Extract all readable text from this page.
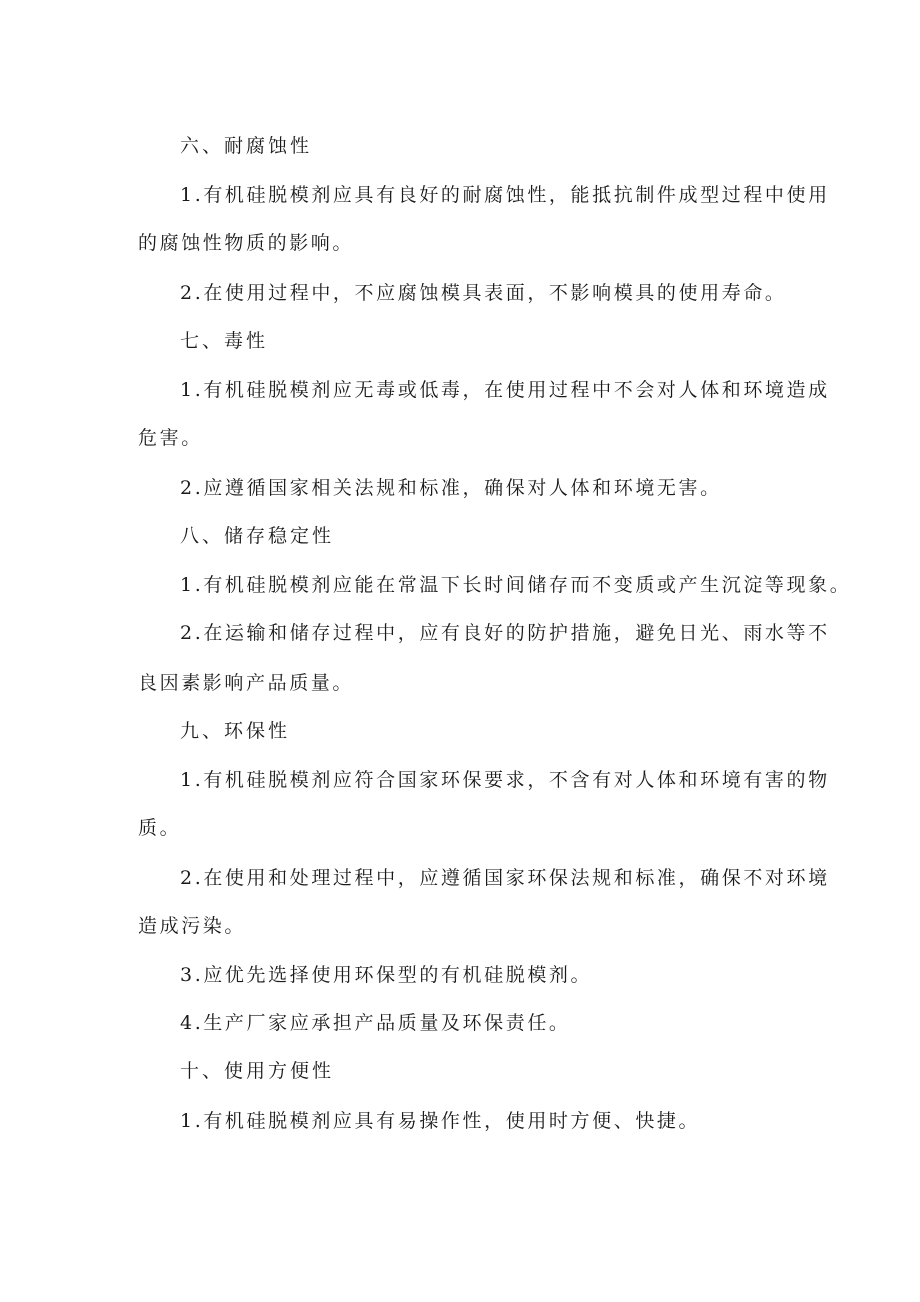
六、耐腐蚀性
1.有机硅脱模剂应具有良好的耐腐蚀性，能抵抗制件成型过程中使用
的腐蚀性物质的影响。
2.在使用过程中，不应腐蚀模具表面，不影响模具的使用寿命。
七、毒性
1.有机硅脱模剂应无毒或低毒，在使用过程中不会对人体和环境造成
危害。
2.应遵循国家相关法规和标准，确保对人体和环境无害。
八、储存稳定性
1.有机硅脱模剂应能在常温下长时间储存而不变质或产生沉淀等现象。
2.在运输和储存过程中，应有良好的防护措施，避免日光、雨水等不
良因素影响产品质量。
九、环保性
1.有机硅脱模剂应符合国家环保要求，不含有对人体和环境有害的物
质。
2.在使用和处理过程中，应遵循国家环保法规和标准，确保不对环境
造成污染。
3.应优先选择使用环保型的有机硅脱模剂。
4.生产厂家应承担产品质量及环保责任。
十、使用方便性
1.有机硅脱模剂应具有易操作性，使用时方便、快捷。
